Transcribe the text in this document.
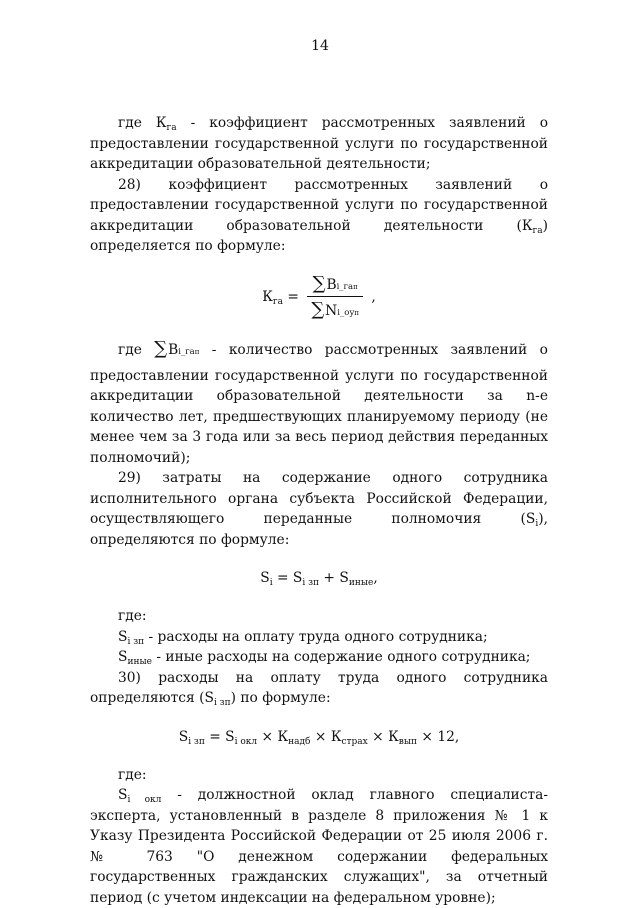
14

где $К_{га}$ - коэффициент рассмотренных заявлений о предоставлении государственной услуги по государственной аккредитации образовательной деятельности;

28) коэффициент рассмотренных заявлений о предоставлении государственной услуги по государственной аккредитации образовательной деятельности $(К_{га})$ определяется по формуле:

$К_{га} = \frac{\text{∑ В i\_га п}}{\text{∑ N i\_оу п}}$ ,
где ∑ В i_га п - количество рассмотренных заявлений о

предоставлении государственной услуги по государственной аккредитации образовательной деятельности за n-е количество лет, предшествующих планируемому периоду (не менее чем за 3 года или за весь период действия переданных полномочий);

29) затраты на содержание одного сотрудника исполнительного органа субъекта Российской Федерации, осуществляющего переданные полномочия $(S_i)$, определяются по формуле:

$S_i = S_{i зп} + S_{иные}$,

где:

$S_{i зп}$ - расходы на оплату труда одного сотрудника;

$S_{иные}$ - иные расходы на содержание одного сотрудника;

30) расходы на оплату труда одного сотрудника определяются $(S_{i зп})$ по формуле:

$S_{i зп} = S_{i окл} \times К_{надб} \times К_{страх} \times К_{вып} \times 12$,

где:

$S_{i окл}$ - должностной оклад главного специалиста-эксперта, установленный в разделе 8 приложения № 1 к Указу Президента Российской Федерации от 25 июля 2006 г. № 763 "О денежном содержании федеральных государственных гражданских служащих", за отчетный период (с учетом индексации на федеральном уровне);
